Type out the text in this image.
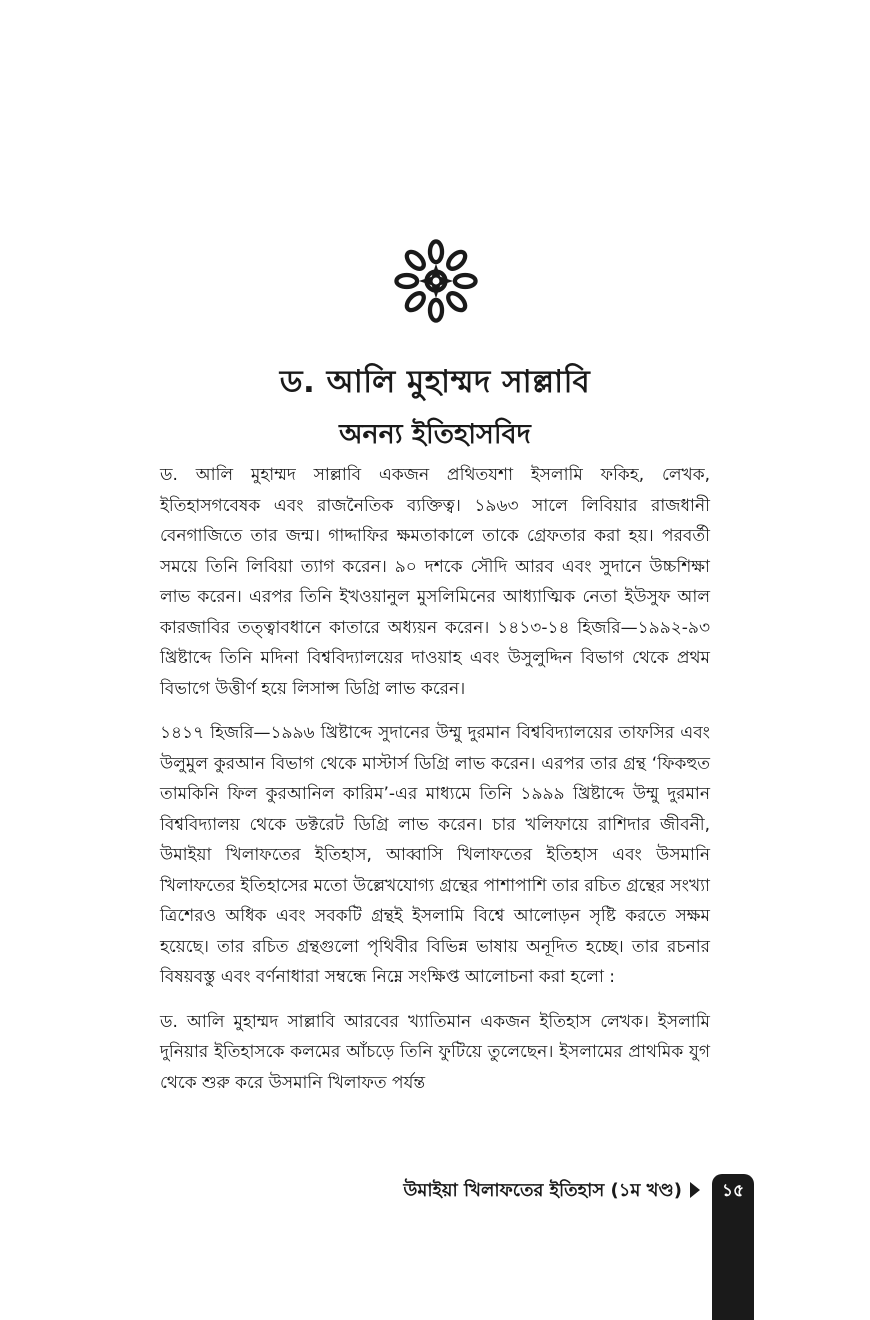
ড. আলি মুহাম্মদ সাল্লাবি
অনন্য ইতিহাসবিদ

ড. আলি মুহাম্মদ সাল্লাবি একজন প্রথিতযশা ইসলামি ফকিহ, লেখক, ইতিহাসগবেষক এবং রাজনৈতিক ব্যক্তিত্ব। ১৯৬৩ সালে লিবিয়ার রাজধানী বেনগাজিতে তার জন্ম। গাদ্দাফির ক্ষমতাকালে তাকে গ্রেফতার করা হয়। পরবর্তী সময়ে তিনি লিবিয়া ত্যাগ করেন। ৯০ দশকে সৌদি আরব এবং সুদানে উচ্চশিক্ষা লাভ করেন। এরপর তিনি ইখওয়ানুল মুসলিমিনের আধ্যাত্মিক নেতা ইউসুফ আল কারজাবির তত্ত্বাবধানে কাতারে অধ্যয়ন করেন। ১৪১৩-১৪ হিজরি—১৯৯২-৯৩ খ্রিষ্টাব্দে তিনি মদিনা বিশ্ববিদ্যালয়ের দাওয়াহ এবং উসুলুদ্দিন বিভাগ থেকে প্রথম বিভাগে উত্তীর্ণ হয়ে লিসান্স ডিগ্রি লাভ করেন।

১৪১৭ হিজরি—১৯৯৬ খ্রিষ্টাব্দে সুদানের উম্মু দুরমান বিশ্ববিদ্যালয়ের তাফসির এবং উলুমুল কুরআন বিভাগ থেকে মাস্টার্স ডিগ্রি লাভ করেন। এরপর তার গ্রন্থ ‘ফিকহুত তামকিনি ফিল কুরআনিল কারিম’-এর মাধ্যমে তিনি ১৯৯৯ খ্রিষ্টাব্দে উম্মু দুরমান বিশ্ববিদ্যালয় থেকে ডক্টরেট ডিগ্রি লাভ করেন। চার খলিফায়ে রাশিদার জীবনী, উমাইয়া খিলাফতের ইতিহাস, আব্বাসি খিলাফতের ইতিহাস এবং উসমানি খিলাফতের ইতিহাসের মতো উল্লেখযোগ্য গ্রন্থের পাশাপাশি তার রচিত গ্রন্থের সংখ্যা ত্রিশেরও অধিক এবং সবকটি গ্রন্থই ইসলামি বিশ্বে আলোড়ন সৃষ্টি করতে সক্ষম হয়েছে। তার রচিত গ্রন্থগুলো পৃথিবীর বিভিন্ন ভাষায় অনূদিত হচ্ছে। তার রচনার বিষয়বস্তু এবং বর্ণনাধারা সম্বন্ধে নিম্নে সংক্ষিপ্ত আলোচনা করা হলো :

ড. আলি মুহাম্মদ সাল্লাবি আরবের খ্যাতিমান একজন ইতিহাস লেখক। ইসলামি দুনিয়ার ইতিহাসকে কলমের আঁচড়ে তিনি ফুটিয়ে তুলেছেন। ইসলামের প্রাথমিক যুগ থেকে শুরু করে উসমানি খিলাফত পর্যন্ত

উমাইয়া খিলাফতের ইতিহাস (১ম খণ্ড)	১৫
